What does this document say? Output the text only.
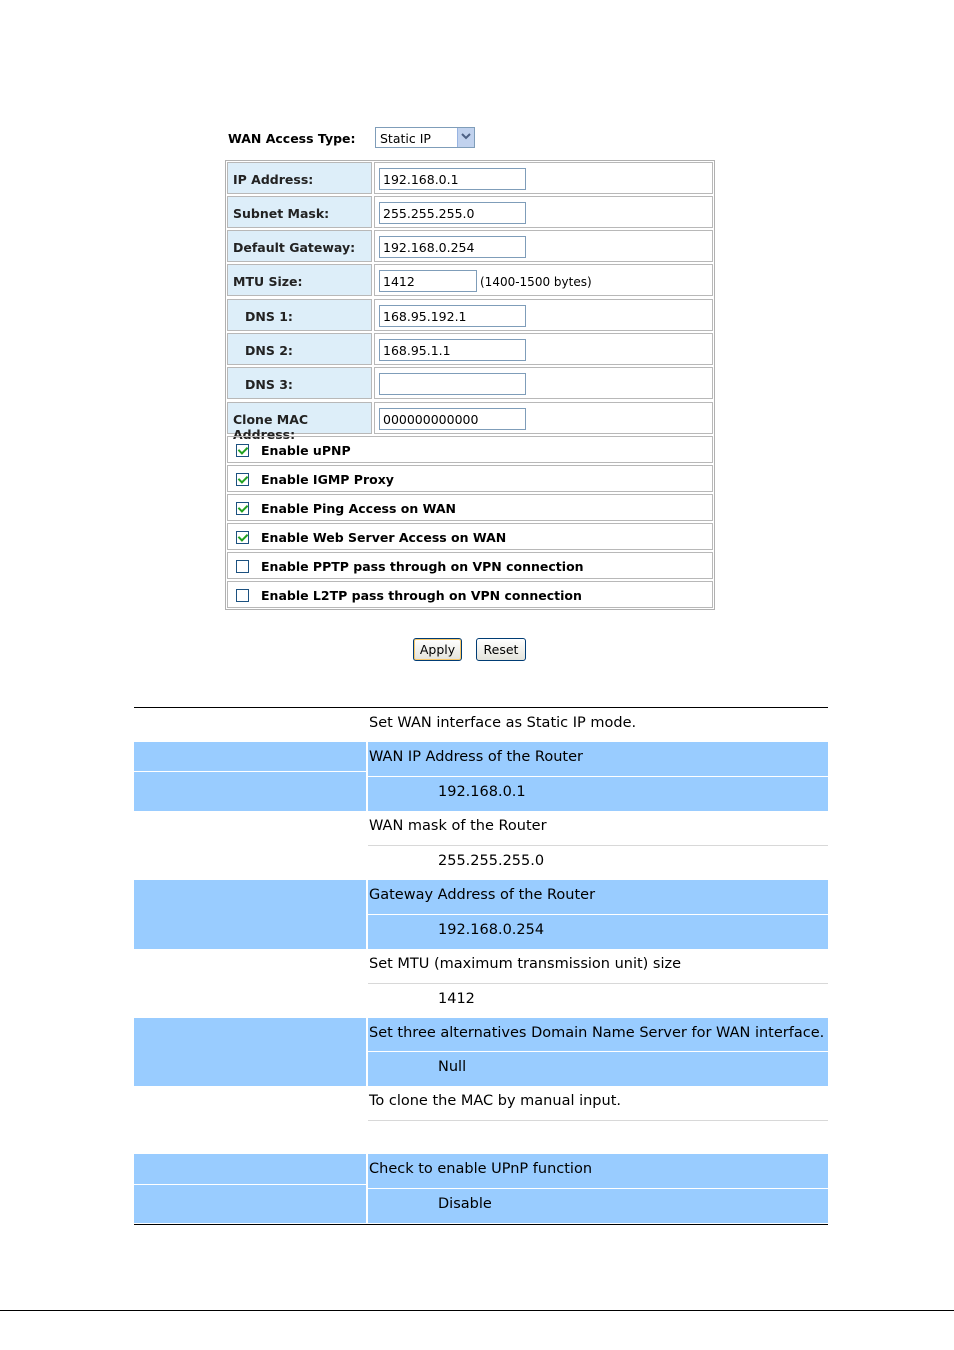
WAN Access Type: Static IP
IP Address:
192.168.0.1
Subnet Mask:
255.255.255.0
Default Gateway:
192.168.0.254
MTU Size:
1412	(1400-1500 bytes)
DNS 1:
168.95.192.1
DNS 2:
168.95.1.1
DNS 3:
Clone MAC Address:
000000000000
Enable uPNP
Enable IGMP Proxy
Enable Ping Access on WAN
Enable Web Server Access on WAN
Enable PPTP pass through on VPN connection
Enable L2TP pass through on VPN connection
Apply	Reset
Set WAN interface as Static IP mode.
WAN IP Address of the Router
192.168.0.1
WAN mask of the Router
255.255.255.0
Gateway Address of the Router
192.168.0.254
Set MTU (maximum transmission unit) size
1412
Set three alternatives Domain Name Server for WAN interface.
Null
To clone the MAC by manual input.
Check to enable UPnP function
Disable
